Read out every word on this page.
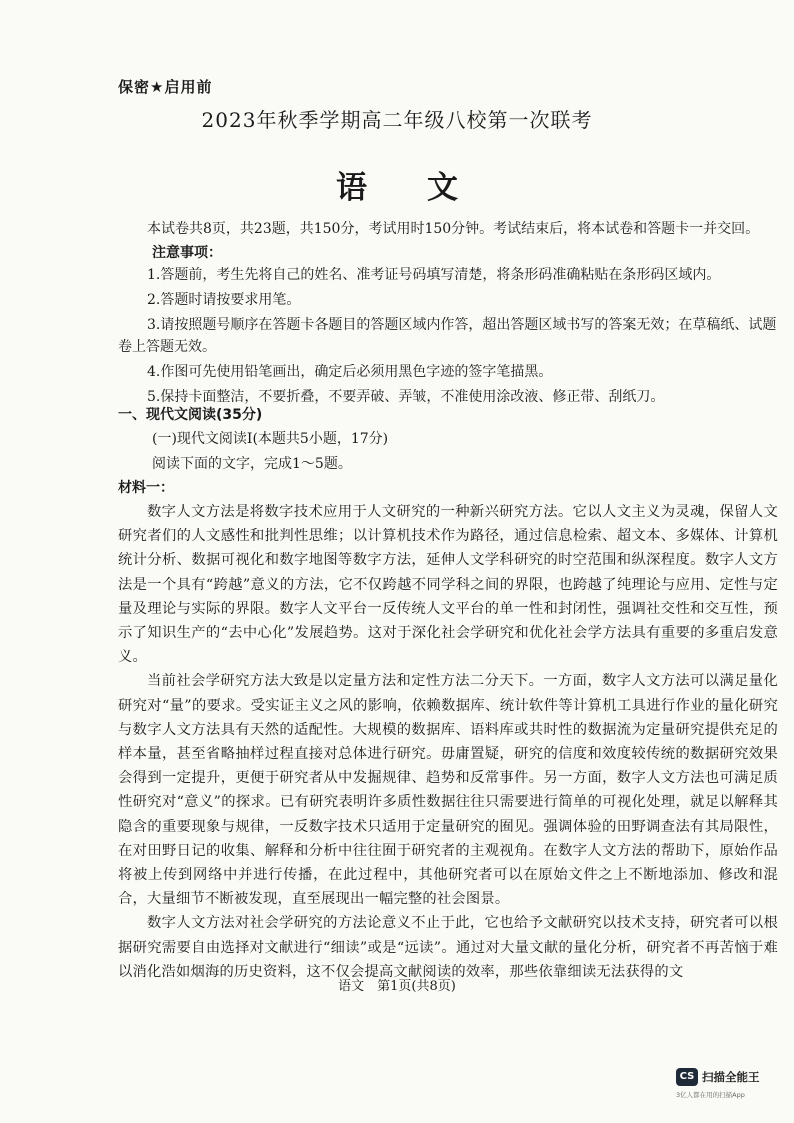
保密★启用前
2023年秋季学期高二年级八校第一次联考
语 文

本试卷共8页，共23题，共150分，考试用时150分钟。考试结束后，将本试卷和答题卡一并交回。

注意事项：

1.答题前，考生先将自己的姓名、准考证号码填写清楚，将条形码准确粘贴在条形码区域内。

2.答题时请按要求用笔。

3.请按照题号顺序在答题卡各题目的答题区域内作答，超出答题区域书写的答案无效；在草稿纸、试题卷上答题无效。

4.作图可先使用铅笔画出，确定后必须用黑色字迹的签字笔描黑。

5.保持卡面整洁，不要折叠，不要弄破、弄皱，不准使用涂改液、修正带、刮纸刀。

一、现代文阅读(35分)
(一)现代文阅读Ⅰ(本题共5小题，17分)
阅读下面的文字，完成1～5题。
材料一：

数字人文方法是将数字技术应用于人文研究的一种新兴研究方法。它以人文主义为灵魂，保留人文研究者们的人文感性和批判性思维；以计算机技术作为路径，通过信息检索、超文本、多媒体、计算机统计分析、数据可视化和数字地图等数字方法，延伸人文学科研究的时空范围和纵深程度。数字人文方法是一个具有“跨越”意义的方法，它不仅跨越不同学科之间的界限，也跨越了纯理论与应用、定性与定量及理论与实际的界限。数字人文平台一反传统人文平台的单一性和封闭性，强调社交性和交互性，预示了知识生产的“去中心化”发展趋势。这对于深化社会学研究和优化社会学方法具有重要的多重启发意义。

当前社会学研究方法大致是以定量方法和定性方法二分天下。一方面，数字人文方法可以满足量化研究对“量”的要求。受实证主义之风的影响，依赖数据库、统计软件等计算机工具进行作业的量化研究与数字人文方法具有天然的适配性。大规模的数据库、语料库或共时性的数据流为定量研究提供充足的样本量，甚至省略抽样过程直接对总体进行研究。毋庸置疑，研究的信度和效度较传统的数据研究效果会得到一定提升，更便于研究者从中发掘规律、趋势和反常事件。另一方面，数字人文方法也可满足质性研究对“意义”的探求。已有研究表明许多质性数据往往只需要进行简单的可视化处理，就足以解释其隐含的重要现象与规律，一反数字技术只适用于定量研究的囿见。强调体验的田野调查法有其局限性，在对田野日记的收集、解释和分析中往往囿于研究者的主观视角。在数字人文方法的帮助下，原始作品将被上传到网络中并进行传播，在此过程中，其他研究者可以在原始文件之上不断地添加、修改和混合，大量细节不断被发现，直至展现出一幅完整的社会图景。

数字人文方法对社会学研究的方法论意义不止于此，它也给予文献研究以技术支持，研究者可以根据研究需要自由选择对文献进行“细读”或是“远读”。通过对大量文献的量化分析，研究者不再苦恼于难以消化浩如烟海的历史资料，这不仅会提高文献阅读的效率，那些依靠细读无法获得的文

语文　第1页(共8页)
CS 扫描全能王
3亿人都在用的扫描App
